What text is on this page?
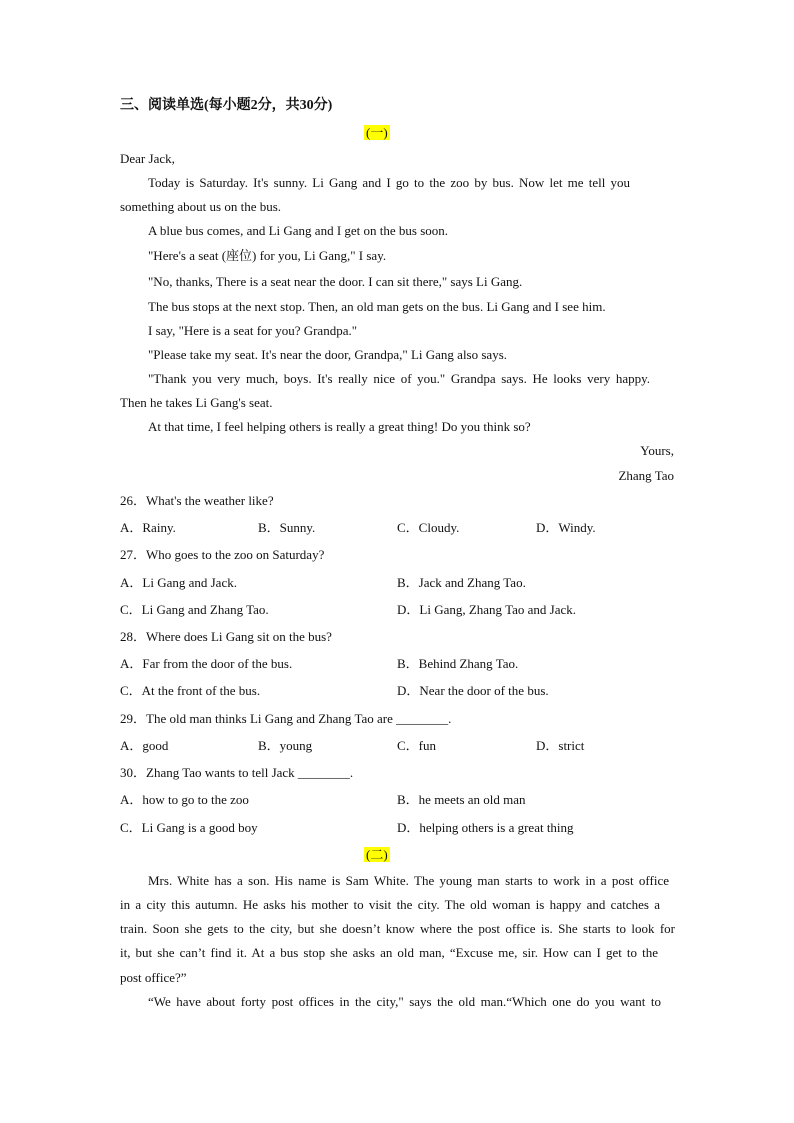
三、阅读单选(每小题2分，共30分)
(一)
Dear Jack,
Today is Saturday. It's sunny. Li Gang and I go to the zoo by bus. Now let me tell you
something about us on the bus.
A blue bus comes, and Li Gang and I get on the bus soon.
"Here's a seat (座位) for you, Li Gang," I say.
"No, thanks, There is a seat near the door. I can sit there," says Li Gang.
The bus stops at the next stop. Then, an old man gets on the bus. Li Gang and I see him.
I say, "Here is a seat for you? Grandpa."
"Please take my seat. It's near the door, Grandpa," Li Gang also says.
"Thank you very much, boys. It's really nice of you." Grandpa says. He looks very happy.
Then he takes Li Gang's seat.
At that time, I feel helping others is really a great thing! Do you think so?
Yours,
Zhang Tao
26．What's the weather like?
A．Rainy.	B．Sunny.	C．Cloudy.	D．Windy.
27．Who goes to the zoo on Saturday?
A．Li Gang and Jack.	B．Jack and Zhang Tao.
C．Li Gang and Zhang Tao.	D．Li Gang, Zhang Tao and Jack.
28．Where does Li Gang sit on the bus?
A．Far from the door of the bus.	B．Behind Zhang Tao.
C．At the front of the bus.	D．Near the door of the bus.
29．The old man thinks Li Gang and Zhang Tao are ________.
A．good	B．young	C．fun	D．strict
30．Zhang Tao wants to tell Jack ________.
A．how to go to the zoo	B．he meets an old man
C．Li Gang is a good boy	D．helping others is a great thing
(二)
Mrs. White has a son. His name is Sam White. The young man starts to work in a post office
in a city this autumn. He asks his mother to visit the city. The old woman is happy and catches a
train. Soon she gets to the city, but she doesn’t know where the post office is. She starts to look for
it, but she can’t find it. At a bus stop she asks an old man, “Excuse me, sir. How can I get to the
post office?”
“We have about forty post offices in the city," says the old man.“Which one do you want to
